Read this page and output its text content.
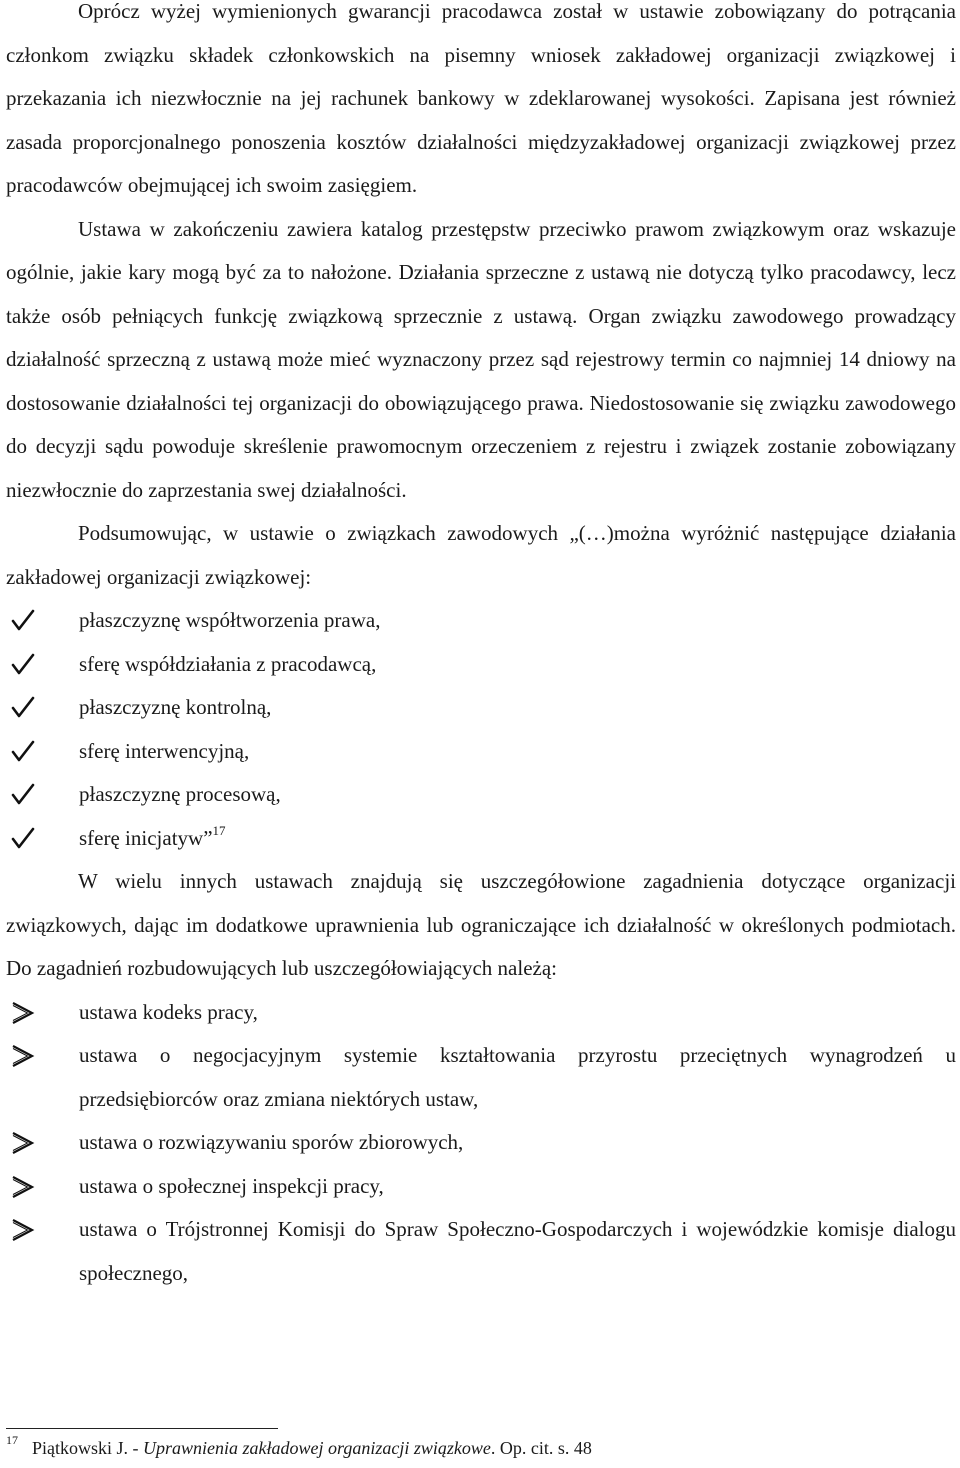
Oprócz wyżej wymienionych gwarancji pracodawca został w ustawie zobowiązany do potrącania członkom związku składek członkowskich na pisemny wniosek zakładowej organizacji związkowej i przekazania ich niezwłocznie na jej rachunek bankowy w zdeklarowanej wysokości. Zapisana jest również zasada proporcjonalnego ponoszenia kosztów działalności międzyzakładowej organizacji związkowej przez pracodawców obejmującej ich swoim zasięgiem.

Ustawa w zakończeniu zawiera katalog przestępstw przeciwko prawom związkowym oraz wskazuje ogólnie, jakie kary mogą być za to nałożone. Działania sprzeczne z ustawą nie dotyczą tylko pracodawcy, lecz także osób pełniących funkcję związkową sprzecznie z ustawą. Organ związku zawodowego prowadzący działalność sprzeczną z ustawą może mieć wyznaczony przez sąd rejestrowy termin co najmniej 14 dniowy na dostosowanie działalności tej organizacji do obowiązującego prawa. Niedostosowanie się związku zawodowego do decyzji sądu powoduje skreślenie prawomocnym orzeczeniem z rejestru i związek zostanie zobowiązany niezwłocznie do zaprzestania swej działalności.

Podsumowując, w ustawie o związkach zawodowych „(…)można wyróżnić następujące działania zakładowej organizacji związkowej:

płaszczyznę współtworzenia prawa,
sferę współdziałania z pracodawcą,
płaszczyznę kontrolną,
sferę interwencyjną,
płaszczyznę procesową,
sferę inicjatyw”$^{17}$

W wielu innych ustawach znajdują się uszczegółowione zagadnienia dotyczące organizacji związkowych, dając im dodatkowe uprawnienia lub ograniczające ich działalność w określonych podmiotach. Do zagadnień rozbudowujących lub uszczegółowiających należą:

ustawa kodeks pracy,
ustawa o negocjacyjnym systemie kształtowania przyrostu przeciętnych wynagrodzeń u przedsiębiorców oraz zmiana niektórych ustaw,
ustawa o rozwiązywaniu sporów zbiorowych,
ustawa o społecznej inspekcji pracy,
ustawa o Trójstronnej Komisji do Spraw Społeczno-Gospodarczych i wojewódzkie komisje dialogu społecznego,
$^{17}$ Piątkowski J. - Uprawnienia zakładowej organizacji związkowe. Op. cit. s. 48
